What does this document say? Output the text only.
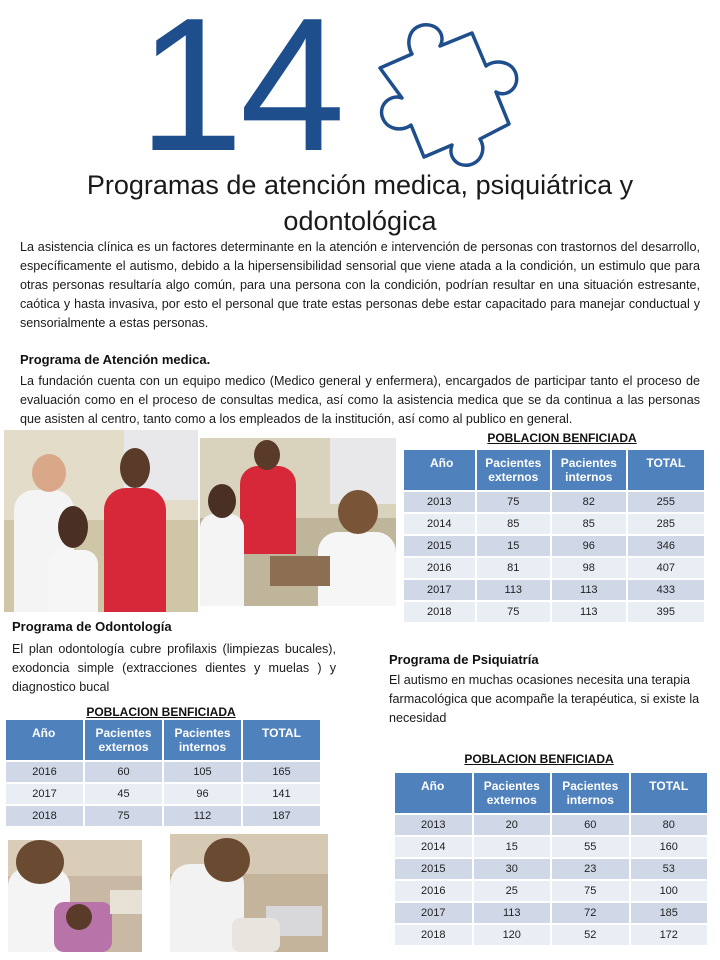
14
Programas de atención medica, psiquiátrica y odontológica
La asistencia clínica es un factores determinante en la atención e intervención de personas con trastornos del desarrollo, específicamente el autismo, debido a la hipersensibilidad sensorial que viene atada a la condición, un estimulo que para otras personas resultaría algo común, para una persona con la condición, podrían resultar en una situación estresante, caótica y hasta invasiva, por esto el personal que trate estas personas debe estar capacitado para manejar conductual y sensorialmente a estas personas.
Programa de Atención medica.
La fundación cuenta con un equipo medico (Medico general y enfermera), encargados de participar tanto el proceso de evaluación como en el proceso de consultas medica, así como la asistencia medica que se da continua a las personas que asisten al centro, tanto como a los empleados de la institución, así como al publico en general.
POBLACION BENFICIADA
Año	Pacientes externos	Pacientes internos	TOTAL
2013	75	82	255
2014	85	85	285
2015	15	96	346
2016	81	98	407
2017	113	113	433
2018	75	113	395
Programa de Odontología
El plan odontología cubre profilaxis (limpiezas bucales), exodoncia simple (extracciones dientes y muelas ) y diagnostico bucal
Programa de Psiquiatría
El autismo en muchas ocasiones necesita una terapia farmacológica que acompañe la terapéutica, si existe la necesidad
POBLACION BENFICIADA
Año	Pacientes externos	Pacientes internos	TOTAL
2016	60	105	165
2017	45	96	141
2018	75	112	187
POBLACION BENFICIADA
Año	Pacientes externos	Pacientes internos	TOTAL
2013	20	60	80
2014	15	55	160
2015	30	23	53
2016	25	75	100
2017	113	72	185
2018	120	52	172
